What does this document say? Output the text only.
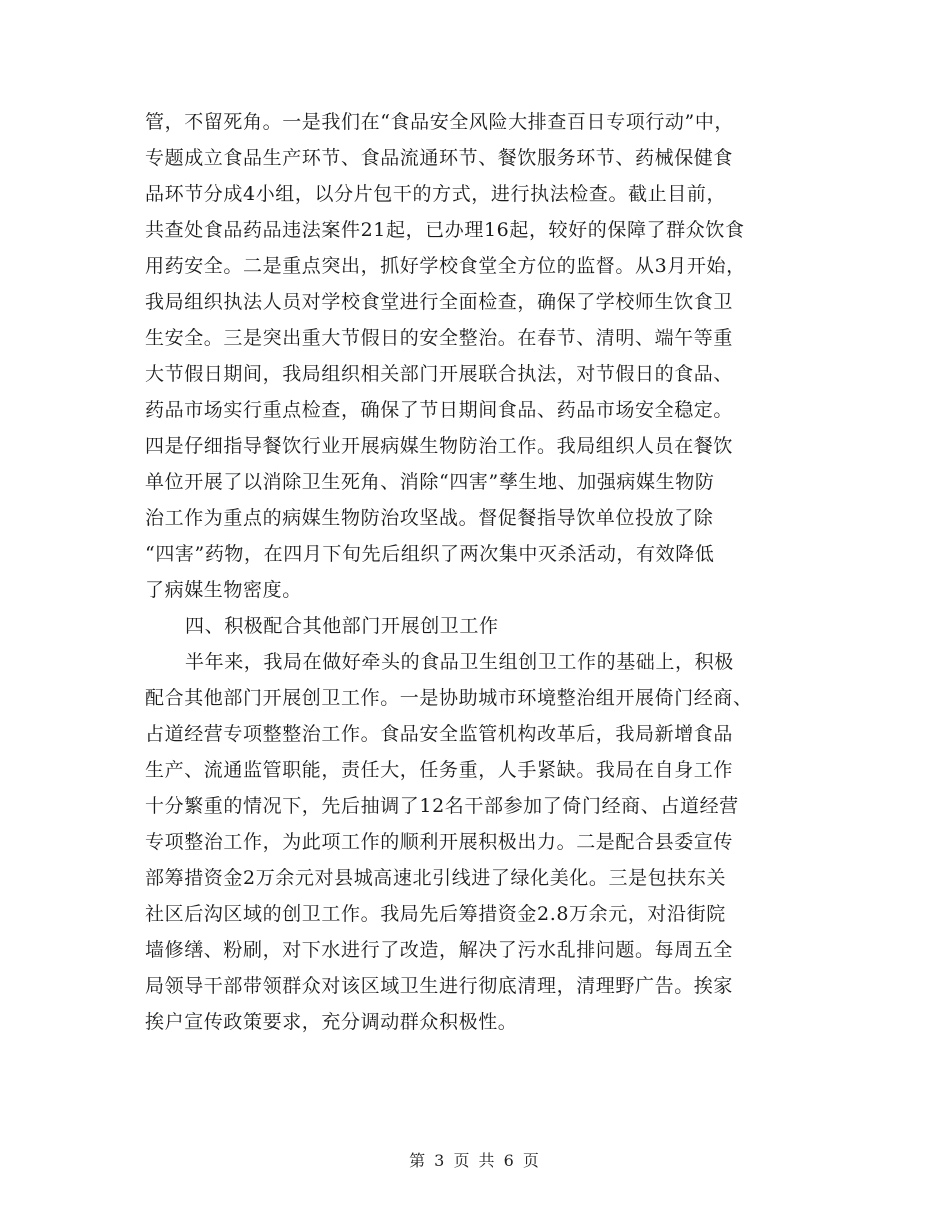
管，不留死角。一是我们在“食品安全风险大排查百日专项行动”中，
专题成立食品生产环节、食品流通环节、餐饮服务环节、药械保健食
品环节分成4小组，以分片包干的方式，进行执法检查。截止目前，
共查处食品药品违法案件21起，已办理16起，较好的保障了群众饮食
用药安全。二是重点突出，抓好学校食堂全方位的监督。从3月开始，
我局组织执法人员对学校食堂进行全面检查，确保了学校师生饮食卫
生安全。三是突出重大节假日的安全整治。在春节、清明、端午等重
大节假日期间，我局组织相关部门开展联合执法，对节假日的食品、
药品市场实行重点检查，确保了节日期间食品、药品市场安全稳定。
四是仔细指导餐饮行业开展病媒生物防治工作。我局组织人员在餐饮
单位开展了以消除卫生死角、消除“四害”孳生地、加强病媒生物防
治工作为重点的病媒生物防治攻坚战。督促餐指导饮单位投放了除
“四害”药物，在四月下旬先后组织了两次集中灭杀活动，有效降低
了病媒生物密度。
四、积极配合其他部门开展创卫工作
半年来，我局在做好牵头的食品卫生组创卫工作的基础上，积极
配合其他部门开展创卫工作。一是协助城市环境整治组开展倚门经商、
占道经营专项整整治工作。食品安全监管机构改革后，我局新增食品
生产、流通监管职能，责任大，任务重，人手紧缺。我局在自身工作
十分繁重的情况下，先后抽调了12名干部参加了倚门经商、占道经营
专项整治工作，为此项工作的顺利开展积极出力。二是配合县委宣传
部筹措资金2万余元对县城高速北引线进了绿化美化。三是包扶东关
社区后沟区域的创卫工作。我局先后筹措资金2.8万余元，对沿街院
墙修缮、粉刷，对下水进行了改造，解决了污水乱排问题。每周五全
局领导干部带领群众对该区域卫生进行彻底清理，清理野广告。挨家
挨户宣传政策要求，充分调动群众积极性。
第 3 页 共 6 页
